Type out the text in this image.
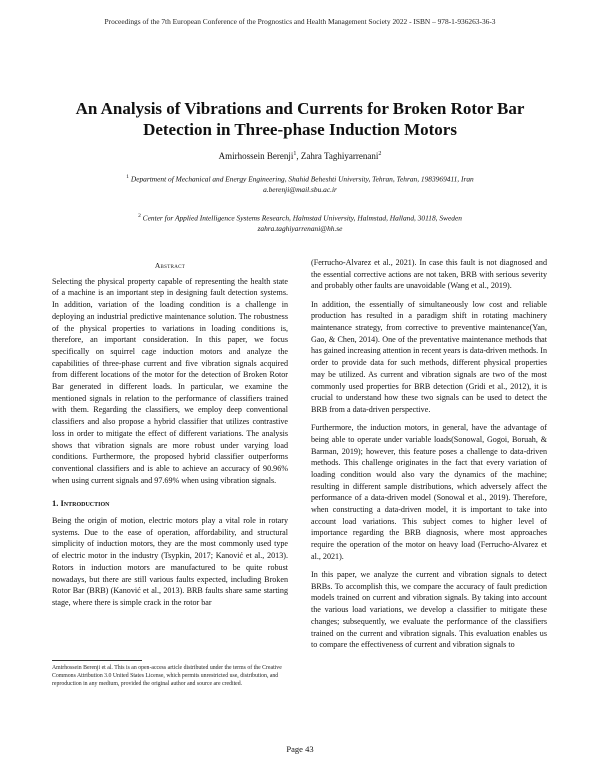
Proceedings of the 7th European Conference of the Prognostics and Health Management Society 2022 - ISBN – 978-1-936263-36-3
An Analysis of Vibrations and Currents for Broken Rotor Bar Detection in Three-phase Induction Motors
Amirhossein Berenji$^1$, Zahra Taghiyarrenani$^2$
$^1$ Department of Mechanical and Energy Engineering, Shahid Beheshti University, Tehran, Tehran, 1983969411, Iran
a.berenji@mail.sbu.ac.ir
$^2$ Center for Applied Intelligence Systems Research, Halmstad University, Halmstad, Halland, 30118, Sweden
zahra.taghiyarrenani@hh.se
Abstract

Selecting the physical property capable of representing the health state of a machine is an important step in designing fault detection systems. In addition, variation of the loading condition is a challenge in deploying an industrial predictive maintenance solution. The robustness of the physical properties to variations in loading conditions is, therefore, an important consideration. In this paper, we focus specifically on squirrel cage induction motors and analyze the capabilities of three-phase current and five vibration signals acquired from different locations of the motor for the detection of Broken Rotor Bar generated in different loads. In particular, we examine the mentioned signals in relation to the performance of classifiers trained with them. Regarding the classifiers, we employ deep conventional classifiers and also propose a hybrid classifier that utilizes contrastive loss in order to mitigate the effect of different variations. The analysis shows that vibration signals are more robust under varying load conditions. Furthermore, the proposed hybrid classifier outperforms conventional classifiers and is able to achieve an accuracy of 90.96% when using current signals and 97.69% when using vibration signals.

1. Introduction

Being the origin of motion, electric motors play a vital role in rotary systems. Due to the ease of operation, affordability, and structural simplicity of induction motors, they are the most commonly used type of electric motor in the industry (Tsypkin, 2017; Kanović et al., 2013). Rotors in induction motors are manufactured to be quite robust nowadays, but there are still various faults expected, including Broken Rotor Bar (BRB) (Kanović et al., 2013). BRB faults share same starting stage, where there is simple crack in the rotor bar

(Ferrucho-Alvarez et al., 2021). In case this fault is not diagnosed and the essential corrective actions are not taken, BRB with serious severity and probably other faults are unavoidable (Wang et al., 2019).

In addition, the essentially of simultaneously low cost and reliable production has resulted in a paradigm shift in rotating machinery maintenance strategy, from corrective to preventive maintenance(Yan, Gao, & Chen, 2014). One of the preventative maintenance methods that has gained increasing attention in recent years is data-driven methods. In order to provide data for such methods, different physical properties may be utilized. As current and vibration signals are two of the most commonly used properties for BRB detection (Gridi et al., 2012), it is crucial to understand how these two signals can be used to detect the BRB from a data-driven perspective.

Furthermore, the induction motors, in general, have the advantage of being able to operate under variable loads(Sonowal, Gogoi, Boruah, & Barman, 2019); however, this feature poses a challenge to data-driven methods. This challenge originates in the fact that every variation of loading condition would also vary the dynamics of the machine; resulting in different sample distributions, which adversely affect the performance of a data-driven model (Sonowal et al., 2019). Therefore, when constructing a data-driven model, it is important to take into account load variations. This subject comes to higher level of importance regarding the BRB diagnosis, where most approaches require the operation of the motor on heavy load (Ferrucho-Alvarez et al., 2021).

In this paper, we analyze the current and vibration signals to detect BRBs. To accomplish this, we compare the accuracy of fault prediction models trained on current and vibration signals. By taking into account the various load variations, we develop a classifier to mitigate these changes; subsequently, we evaluate the performance of the classifiers trained on the current and vibration signals. This evaluation enables us to compare the effectiveness of current and vibration signals to

Amirhossein Berenji et al. This is an open-access article distributed under the terms of the Creative Commons Attribution 3.0 United States License, which permits unrestricted use, distribution, and reproduction in any medium, provided the original author and source are credited.
Page 43
